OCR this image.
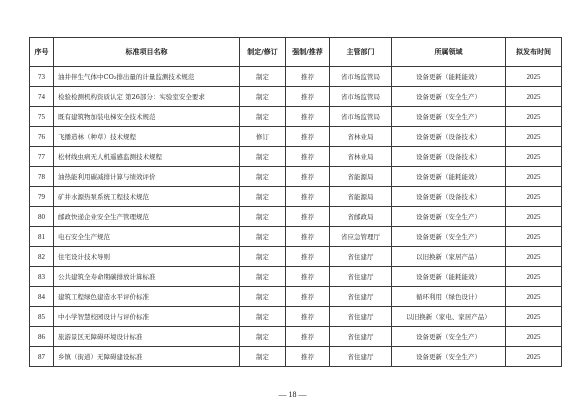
序号	标准项目名称	制定/修订	强制/推荐	主管部门	所属领域	拟发布时间
73	油井伴生气体中CO₂排出量的计量监测技术规范	制定	推荐	省市场监管局	设备更新（能耗能效）	2025
74	检验检测机构资质认定 第26部分：实验室安全要求	制定	推荐	省市场监管局	设备更新（安全生产）	2025
75	既有建筑物加装电梯安全技术规范	制定	推荐	省市场监管局	设备更新（安全生产）	2025
76	飞播造林（种草）技术规程	修订	推荐	省林业局	设备更新（设备技术）	2025
77	松材线虫病无人机遥感监测技术规程	制定	推荐	省林业局	设备更新（设备技术）	2025
78	油热能利用碳减排计算与绩效评价	制定	推荐	省能源局	设备更新（能耗能效）	2025
79	矿井水源热泵系统工程技术规范	制定	推荐	省能源局	设备更新（设备技术）	2025
80	邮政快递企业安全生产管理规范	制定	推荐	省邮政局	设备更新（安全生产）	2025
81	电石安全生产规范	制定	推荐	省应急管理厅	设备更新（安全生产）	2025
82	住宅设计技术导则	制定	推荐	省住建厅	以旧换新（家居产品）	2025
83	公共建筑全寿命期碳排放计算标准	制定	推荐	省住建厅	设备更新（能耗能效）	2025
84	建筑工程绿色建造水平评价标准	制定	推荐	省住建厅	循环利用（绿色设计）	2025
85	中小学智慧校园设计与评价标准	制定	推荐	省住建厅	以旧换新（家电、家居产品）	2025
86	旅游景区无障碍环境设计标准	制定	推荐	省住建厅	设备更新（安全生产）	2025
87	乡镇（街道）无障碍建设标准	制定	推荐	省住建厅	设备更新（安全生产）	2025
— 18 —
